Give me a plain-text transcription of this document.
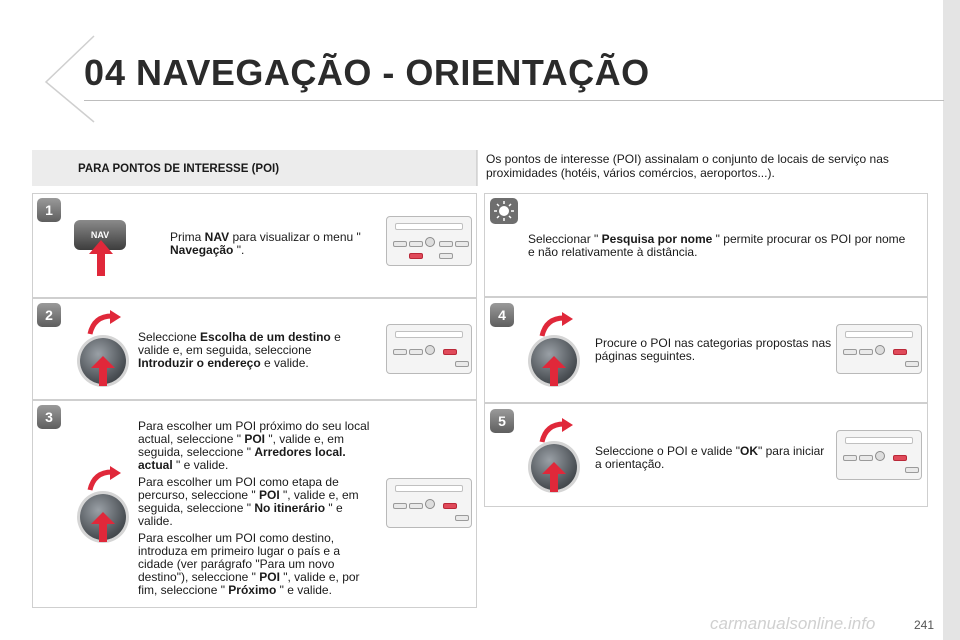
04 NAVEGAÇÃO - ORIENTAÇÃO
PARA PONTOS DE INTERESSE (POI)
Os pontos de interesse (POI) assinalam o conjunto de locais de serviço nas proximidades (hotéis, vários comércios, aeroportos...).
1
NAV	Prima NAV para visualizar o menu " Navegação ".
2
Seleccione Escolha de um destino e valide e, em seguida, seleccione Introduzir o endereço e valide.
3

Para escolher um POI próximo do seu local actual, seleccione " POI ", valide e, em seguida, seleccione " Arredores local. actual " e valide.

Para escolher um POI como etapa de percurso, seleccione " POI ", valide e, em seguida, seleccione " No itinerário " e valide.

Para escolher um POI como destino, introduza em primeiro lugar o país e a cidade (ver parágrafo "Para um novo destino"), seleccione " POI ", valide e, por fim, seleccione " Próximo " e valide.

Seleccionar " Pesquisa por nome " permite procurar os POI por nome e não relativamente à distância.
4
Procure o POI nas categorias propostas nas páginas seguintes.
5
Seleccione o POI e valide "OK" para iniciar a orientação.
carmanualsonline.info	241
